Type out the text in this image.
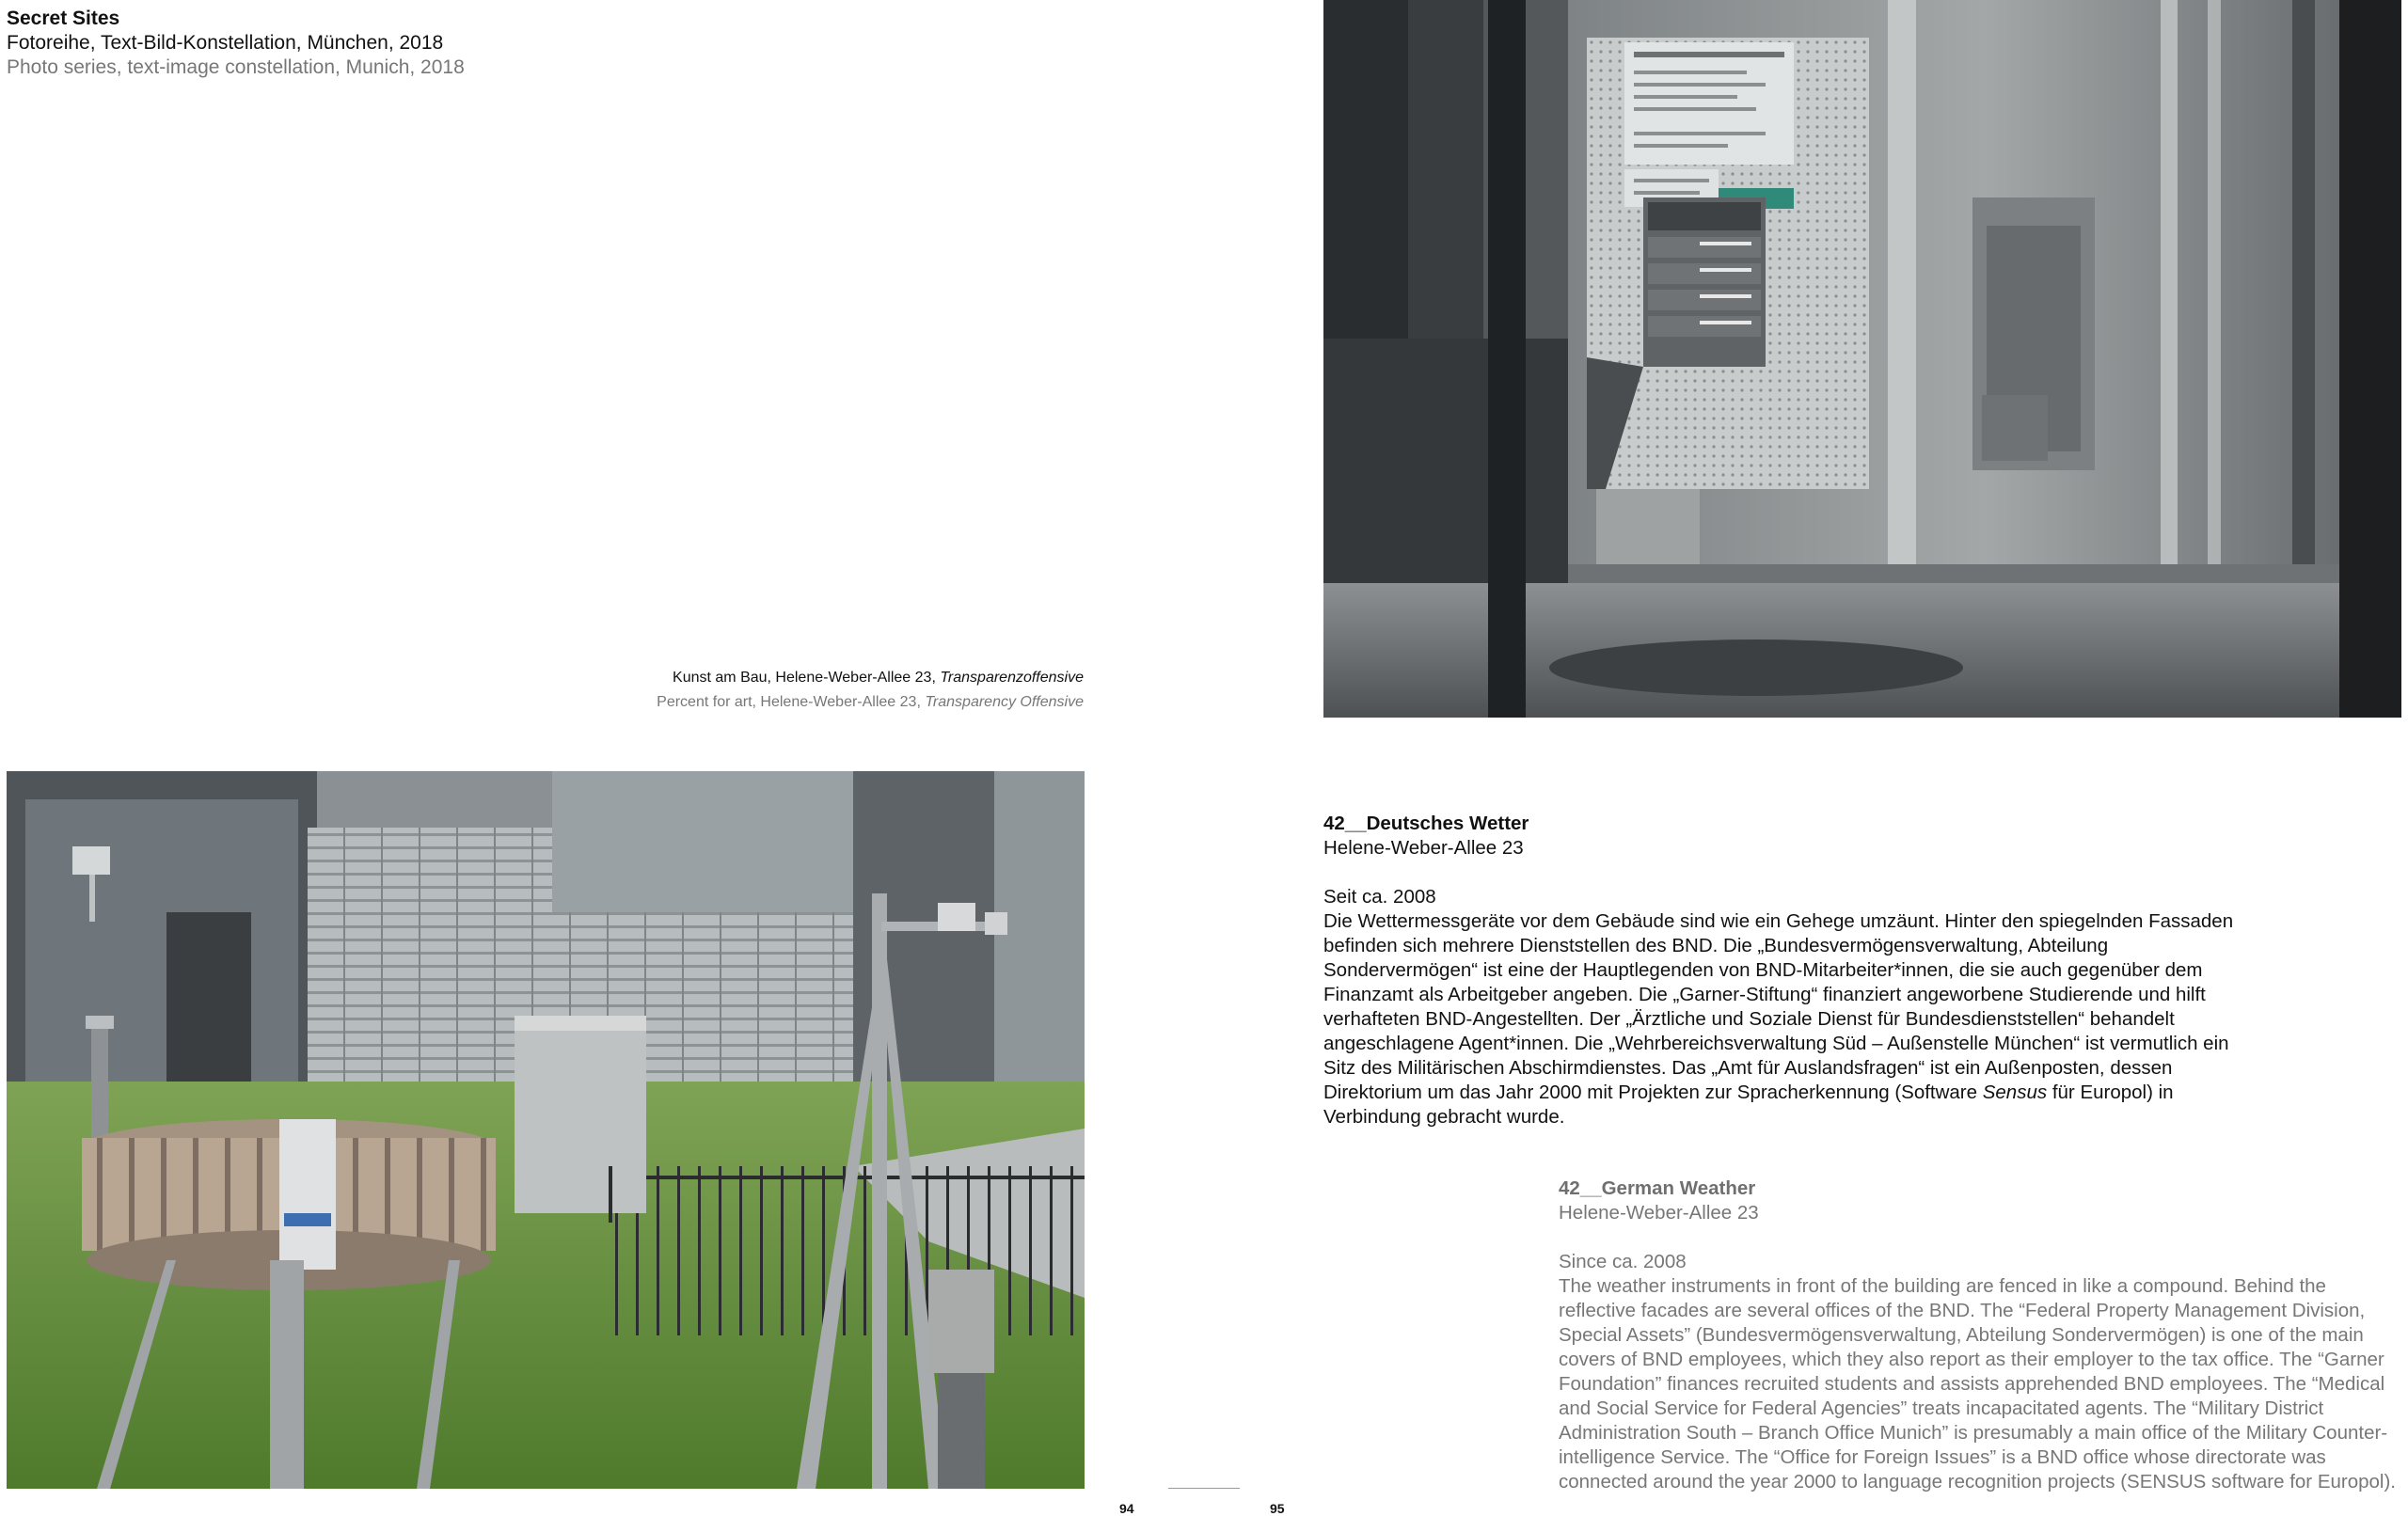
Secret Sites
Fotoreihe, Text-Bild-Konstellation, München, 2018
Photo series, text-image constellation, Munich, 2018
Kunst am Bau, Helene-Weber-Allee 23, Transparenzoffensive
Percent for art, Helene-Weber-Allee 23, Transparency Offensive

42__Deutsches Wetter

Helene-Weber-Allee 23

Seit ca. 2008

Die Wettermessgeräte vor dem Gebäude sind wie ein Gehege umzäunt. Hinter den spiegelnden Fassaden befinden sich mehrere Dienststellen des BND. Die „Bundesvermögensverwaltung, Abteilung Sondervermögen“ ist eine der Hauptlegenden von BND-Mitarbeiter*innen, die sie auch gegenüber dem Finanzamt als Arbeitgeber angeben. Die „Garner-Stiftung“ finanziert angeworbene Studierende und hilft verhafteten BND-Angestellten. Der „Ärztliche und Soziale Dienst für Bundesdienststellen“ behandelt angeschlagene Agent*innen. Die „Wehrbereichsverwaltung Süd – Außenstelle München“ ist vermutlich ein Sitz des Militärischen Abschirmdienstes. Das „Amt für Auslandsfragen“ ist ein Außenposten, dessen Direktorium um das Jahr 2000 mit Projekten zur Spracherkennung (Software Sensus für Europol) in Verbindung gebracht wurde.

42__German Weather

Helene-Weber-Allee 23

Since ca. 2008

The weather instruments in front of the building are fenced in like a compound. Behind the reflective facades are several offices of the BND. The “Federal Property Management Division, Special Assets” (Bundesvermögensverwaltung, Abteilung Sondervermögen) is one of the main covers of BND employees, which they also report as their employer to the tax office. The “Garner Foundation” finances recruited students and assists apprehended BND employees. The “Medical and Social Service for Federal Agencies” treats incapacitated agents. The “Military District Administration South – Branch Office Munich” is presumably a main office of the Military Counter-intelligence Service. The “Office for Foreign Issues” is a BND office whose directorate was connected around the year 2000 to language recognition projects (SENSUS software for Europol).

94	95
